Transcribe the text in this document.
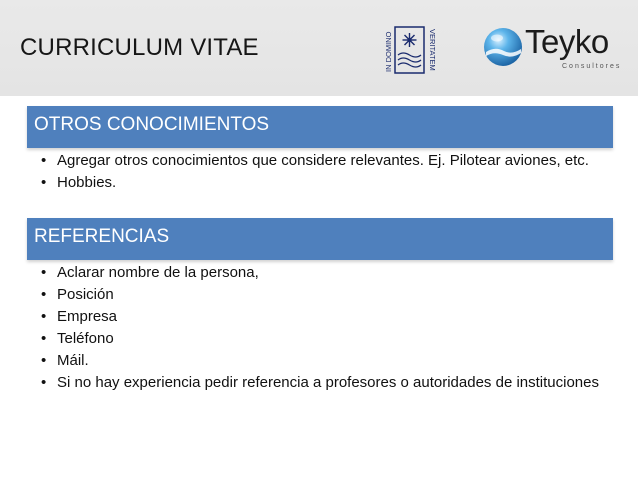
CURRICULUM VITAE	IN DOMINO	VERITATEM	Teyko
Consultores
OTROS CONOCIMIENTOS
• Agregar otros conocimientos que considere relevantes. Ej. Pilotear aviones, etc.
• Hobbies.
REFERENCIAS
• Aclarar nombre de la persona,
• Posición
• Empresa
• Teléfono
• Máil.
• Si no hay experiencia pedir referencia a profesores o autoridades de instituciones
